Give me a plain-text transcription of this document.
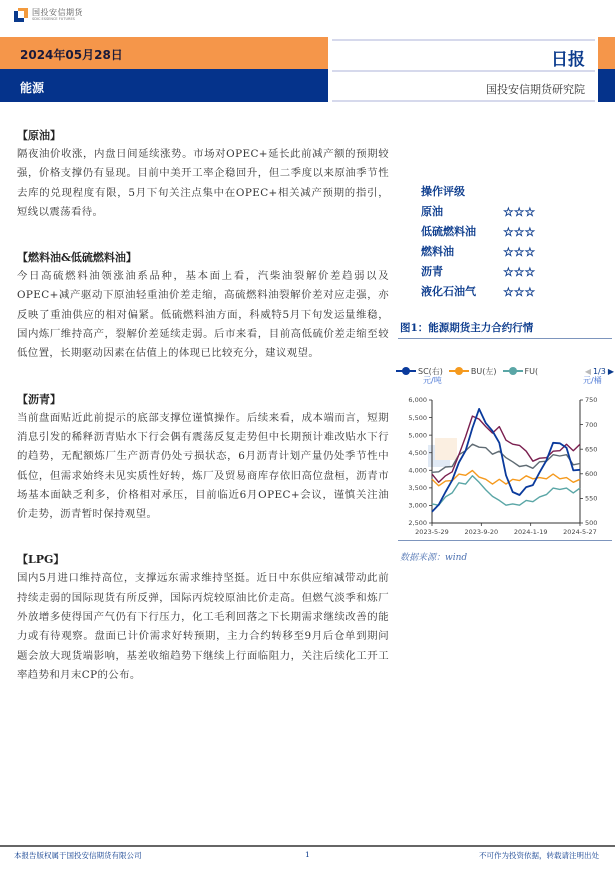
国投安信期货
SDIC ESSENCE FUTURES
2024年05月28日
能源
日报
国投安信期货研究院
【原油】
隔夜油价收涨，内盘日间延续涨势。市场对OPEC+延长此前减产额的预期较强，价格支撑仍有显现。目前中美开工率企稳回升，但二季度以来原油季节性去库的兑现程度有限，5月下旬关注点集中在OPEC+相关减产预期的指引，短线以震荡看待。
【燃料油&低硫燃料油】
今日高硫燃料油领涨油系品种，基本面上看，汽柴油裂解价差趋弱以及OPEC+减产驱动下原油轻重油价差走缩，高硫燃料油裂解价差对应走强，亦反映了重油供应的相对偏紧。低硫燃料油方面，科威特5月下旬发运量维稳，国内炼厂维持高产，裂解价差延续走弱。后市来看，目前高低硫价差走缩至较低位置，长期驱动因素在估值上的体现已比较充分，建议观望。
【沥青】
当前盘面贴近此前提示的底部支撑位谨慎操作。后续来看，成本端而言，短期消息引发的稀释沥青贴水下行会偶有震荡反复走势但中长期预计难改贴水下行的趋势，无配额炼厂生产沥青仍处亏损状态，6月沥青计划产量仍处季节性中低位，但需求始终未见实质性好转，炼厂及贸易商库存依旧高位盘桓，沥青市场基本面缺乏利多，价格相对承压，目前临近6月OPEC+会议，谨慎关注油价走势，沥青暂时保持观望。
【LPG】
国内5月进口维持高位，支撑远东需求维持坚挺。近日中东供应缩减带动此前持续走弱的国际现货有所反弹，国际丙烷较原油比价走高。但燃气淡季和炼厂外放增多使得国产气仍有下行压力，化工毛利回落之下长期需求继续改善的能力或有待观察。盘面已计价需求好转预期，主力合约转移至9月后仓单到期问题会放大现货端影响，基差收缩趋势下继续上行面临阻力，关注后续化工开工率趋势和月末CP的公布。
操作评级
原油	☆☆☆
低硫燃料油	☆☆☆
燃料油	☆☆☆
沥青	☆☆☆
液化石油气	☆☆☆
图1：能源期货主力合约行情
SC(右)	BU(左)	FU(	◀ 1/3 ▶
元/吨	元/桶
2,500
3,000
3,500
4,000
4,500
5,000
5,500
6,000
500
550
600
650
700
750
2023-5-29 2023-9-20 2024-1-19 2024-5-27
数据来源：wind
本报告版权属于国投安信期货有限公司	1	不可作为投资依据，转载请注明出处
